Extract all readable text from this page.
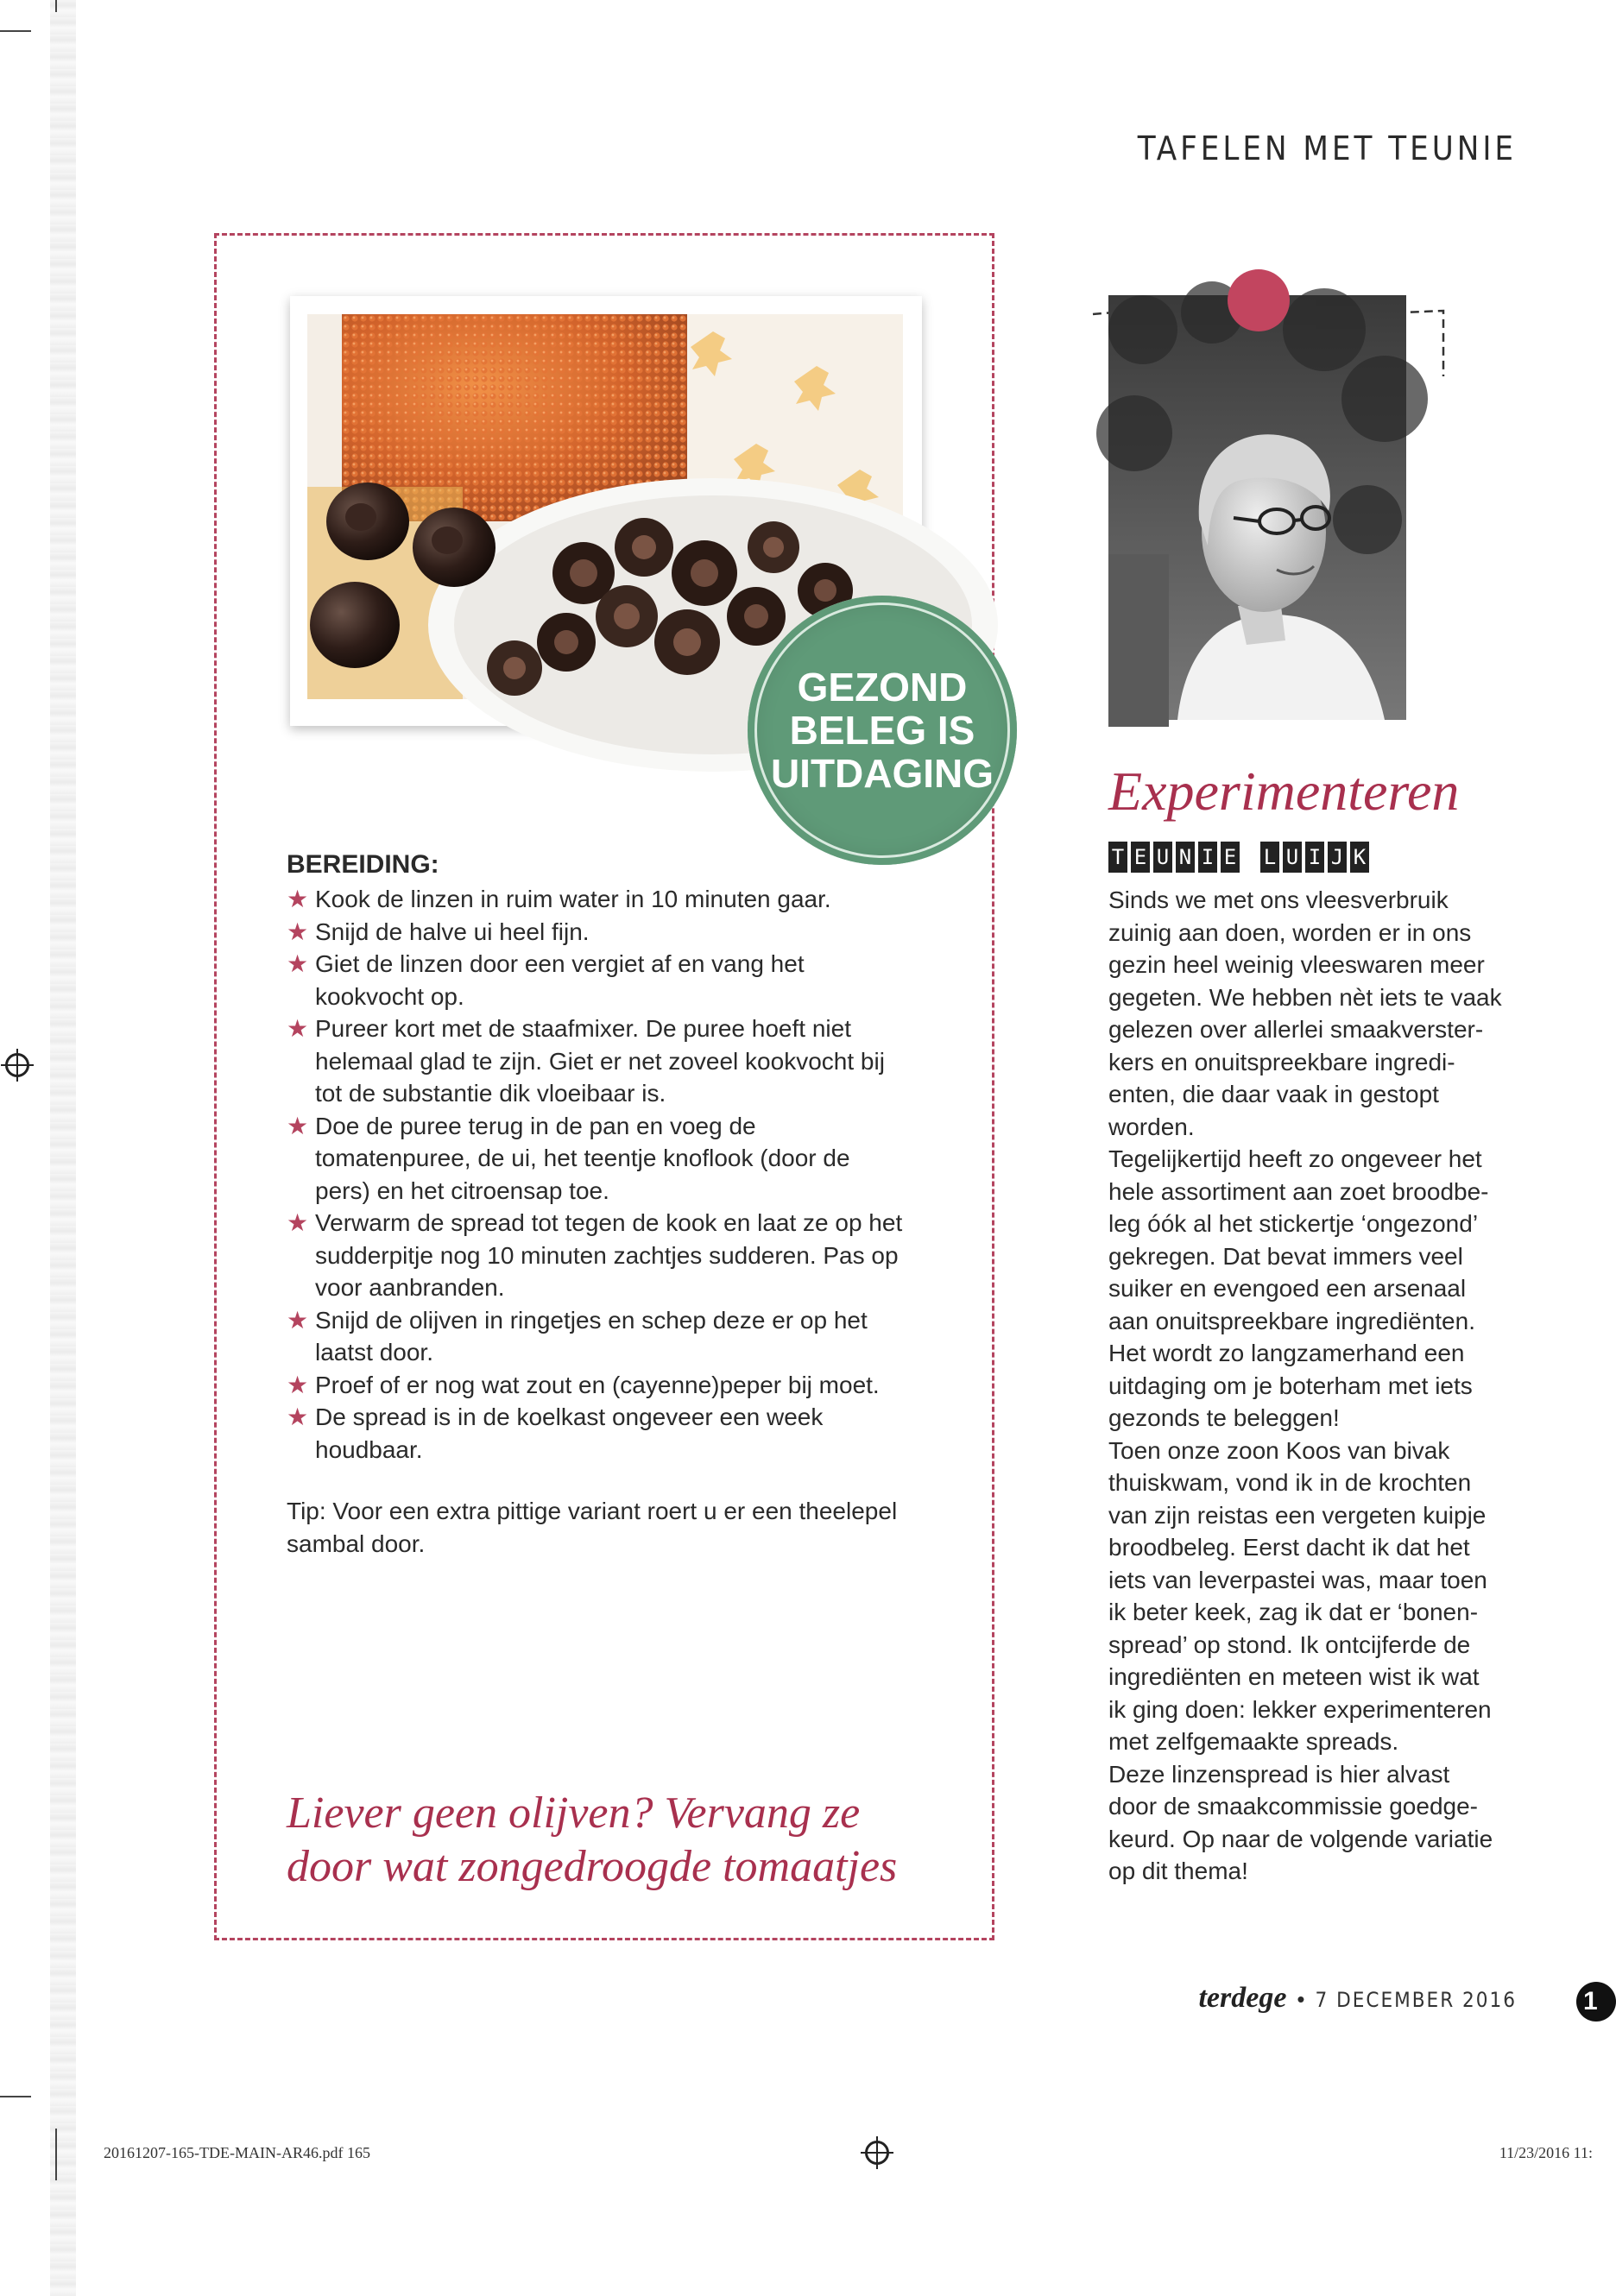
TAFELEN MET TEUNIE
GEZOND
BELEG IS
UITDAGING
BEREIDING:
★ Kook de linzen in ruim water in 10 minuten gaar.
★ Snijd de halve ui heel fijn.
★ Giet de linzen door een vergiet af en vang het
kookvocht op.
★ Pureer kort met de staafmixer. De puree hoeft niet
helemaal glad te zijn. Giet er net zoveel kookvocht bij
tot de substantie dik vloeibaar is.
★ Doe de puree terug in de pan en voeg de
tomatenpuree, de ui, het teentje knoflook (door de
pers) en het citroensap toe.
★ Verwarm de spread tot tegen de kook en laat ze op het
sudderpitje nog 10 minuten zachtjes sudderen. Pas op
voor aanbranden.
★ Snijd de olijven in ringetjes en schep deze er op het
laatst door.
★ Proef of er nog wat zout en (cayenne)peper bij moet.
★ De spread is in de koelkast ongeveer een week
houdbaar.
Tip: Voor een extra pittige variant roert u er een theelepel
sambal door.
Liever geen olijven? Vervang ze
door wat zongedroogde tomaatjes
Experimenteren
T E U N I E L U I J K

Sinds we met ons vleesverbruik

zuinig aan doen, worden er in ons

gezin heel weinig vleeswaren meer

gegeten. We hebben nèt iets te vaak

gelezen over allerlei smaakverster-

kers en onuitspreekbare ingredi-

enten, die daar vaak in gestopt

worden.

Tegelijkertijd heeft zo ongeveer het

hele assortiment aan zoet broodbe-

leg óók al het stickertje ‘ongezond’

gekregen. Dat bevat immers veel

suiker en evengoed een arsenaal

aan onuitspreekbare ingrediënten.

Het wordt zo langzamerhand een

uitdaging om je boterham met iets

gezonds te beleggen!

Toen onze zoon Koos van bivak

thuiskwam, vond ik in de krochten

van zijn reistas een vergeten kuipje

broodbeleg. Eerst dacht ik dat het

iets van leverpastei was, maar toen

ik beter keek, zag ik dat er ‘bonen-

spread’ op stond. Ik ontcijferde de

ingrediënten en meteen wist ik wat

ik ging doen: lekker experimenteren

met zelfgemaakte spreads.

Deze linzenspread is hier alvast

door de smaakcommissie goedge-

keurd. Op naar de volgende variatie

op dit thema!

terdege • 7 DECEMBER 2016	1
20161207-165-TDE-MAIN-AR46.pdf 165	11/23/2016 11:
